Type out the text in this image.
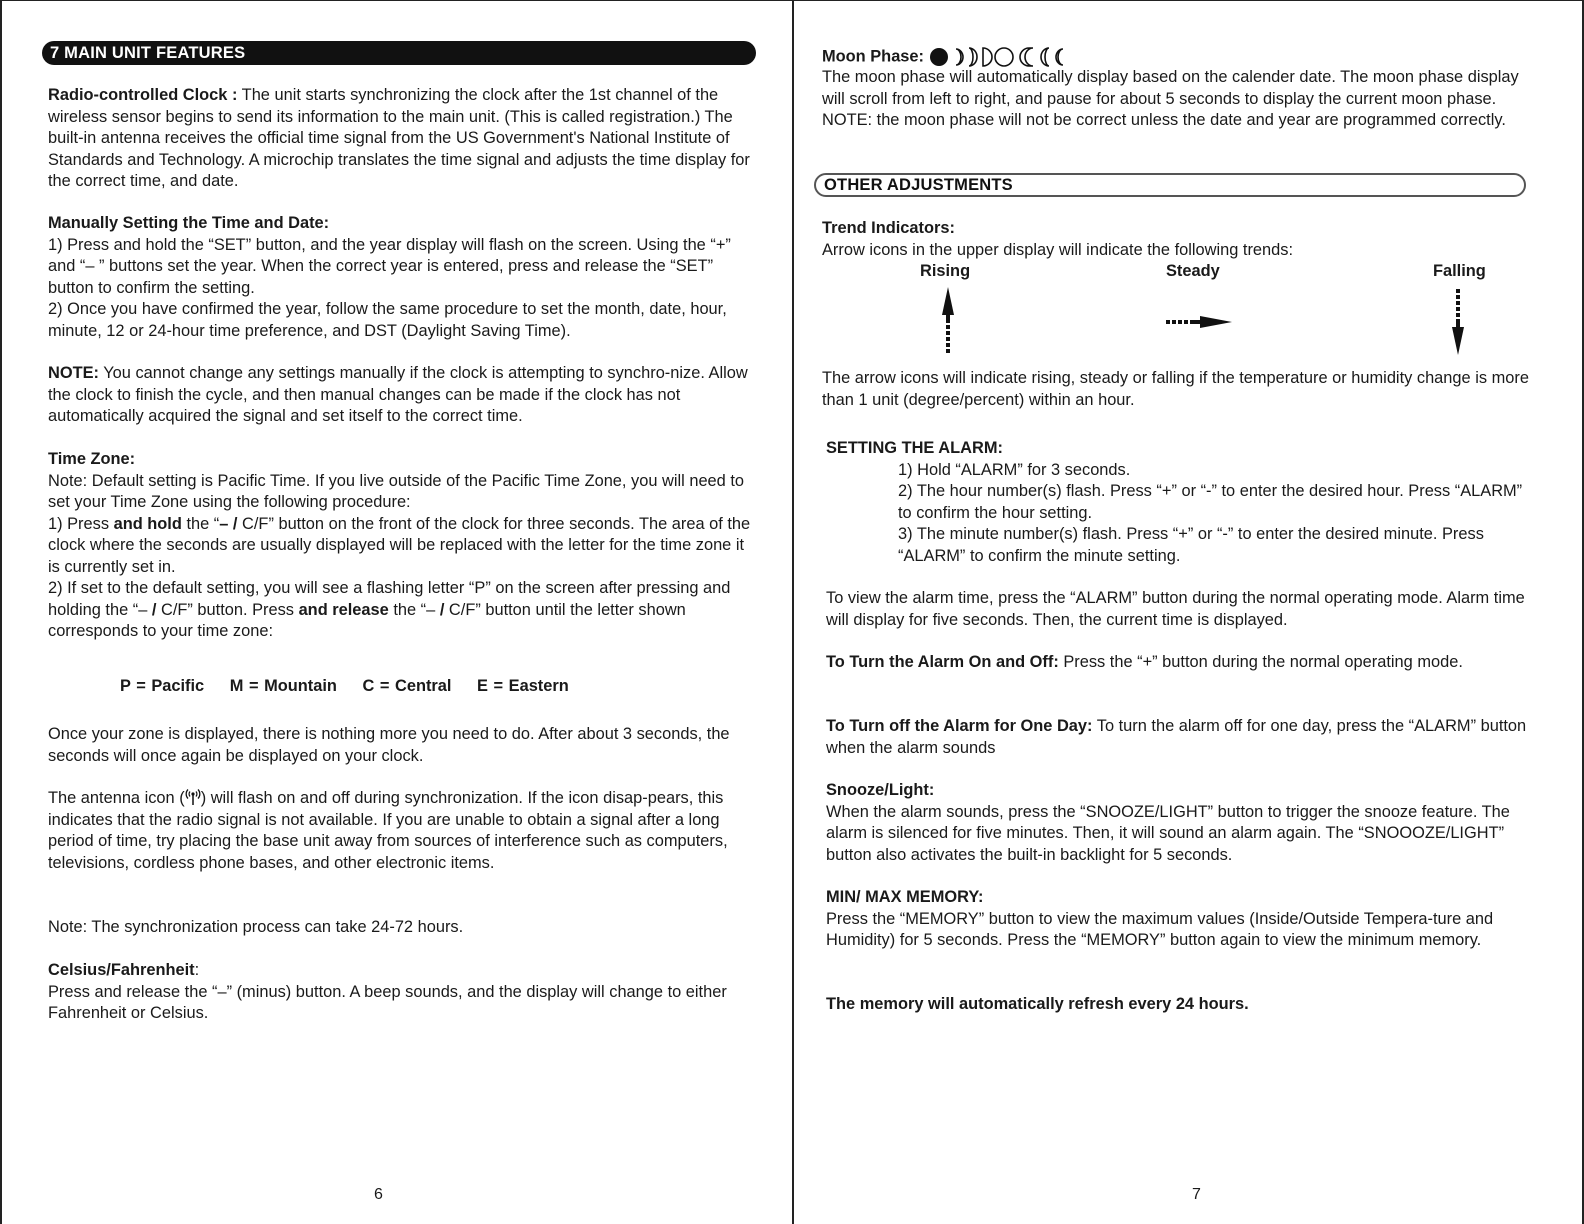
7 MAIN UNIT FEATURES

Radio-controlled Clock : The unit starts synchronizing the clock after the 1st channel of the wireless sensor begins to send its information to the main unit. (This is called registration.) The built-in antenna receives the official time signal from the US Government's National Institute of Standards and Technology. A microchip translates the time signal and adjusts the time display for the correct time, and date.

Manually Setting the Time and Date:

1) Press and hold the “SET” button, and the year display will flash on the screen. Using the “+” and “– ” buttons set the year. When the correct year is entered, press and release the “SET” button to confirm the setting.

2) Once you have confirmed the year, follow the same procedure to set the month, date, hour, minute, 12 or 24-hour time preference, and DST (Daylight Saving Time).

NOTE: You cannot change any settings manually if the clock is attempting to synchro-nize. Allow the clock to finish the cycle, and then manual changes can be made if the clock has not automatically acquired the signal and set itself to the correct time.

Time Zone:

Note: Default setting is Pacific Time. If you live outside of the Pacific Time Zone, you will need to set your Time Zone using the following procedure:

1) Press and hold the “– / C/F” button on the front of the clock for three seconds. The area of the clock where the seconds are usually displayed will be replaced with the letter for the time zone it is currently set in.

2) If set to the default setting, you will see a flashing letter “P” on the screen after pressing and holding the “– / C/F” button. Press and release the “– / C/F” button until the letter shown corresponds to your time zone:

P = Pacific M = Mountain C = Central E = Eastern

Once your zone is displayed, there is nothing more you need to do. After about 3 seconds, the seconds will once again be displayed on your clock.

The antenna icon ( ) will flash on and off during synchronization. If the icon disap-pears, this indicates that the radio signal is not available. If you are unable to obtain a signal after a long period of time, try placing the base unit away from sources of interference such as computers, televisions, cordless phone bases, and other electronic items.

Note: The synchronization process can take 24-72 hours.

Celsius/Fahrenheit:

Press and release the “–” (minus) button. A beep sounds, and the display will change to either Fahrenheit or Celsius.

6

Moon Phase:

The moon phase will automatically display based on the calender date. The moon phase display will scroll from left to right, and pause for about 5 seconds to display the current moon phase. NOTE: the moon phase will not be correct unless the date and year are programmed correctly.

OTHER ADJUSTMENTS

Trend Indicators:

Arrow icons in the upper display will indicate the following trends:

Rising	Steady	Falling

The arrow icons will indicate rising, steady or falling if the temperature or humidity change is more than 1 unit (degree/percent) within an hour.

SETTING THE ALARM:

1) Hold “ALARM” for 3 seconds.

2) The hour number(s) flash. Press “+” or “-” to enter the desired hour. Press “ALARM” to confirm the hour setting.

3) The minute number(s) flash. Press “+” or “-” to enter the desired minute. Press “ALARM” to confirm the minute setting.

To view the alarm time, press the “ALARM” button during the normal operating mode. Alarm time will display for five seconds. Then, the current time is displayed.

To Turn the Alarm On and Off: Press the “+” button during the normal operating mode.

To Turn off the Alarm for One Day: To turn the alarm off for one day, press the “ALARM” button when the alarm sounds

Snooze/Light:

When the alarm sounds, press the “SNOOZE/LIGHT” button to trigger the snooze feature. The alarm is silenced for five minutes. Then, it will sound an alarm again. The “SNOOOZE/LIGHT” button also activates the built-in backlight for 5 seconds.

MIN/ MAX MEMORY:

Press the “MEMORY” button to view the maximum values (Inside/Outside Tempera-ture and Humidity) for 5 seconds. Press the “MEMORY” button again to view the minimum memory.

The memory will automatically refresh every 24 hours.

7
